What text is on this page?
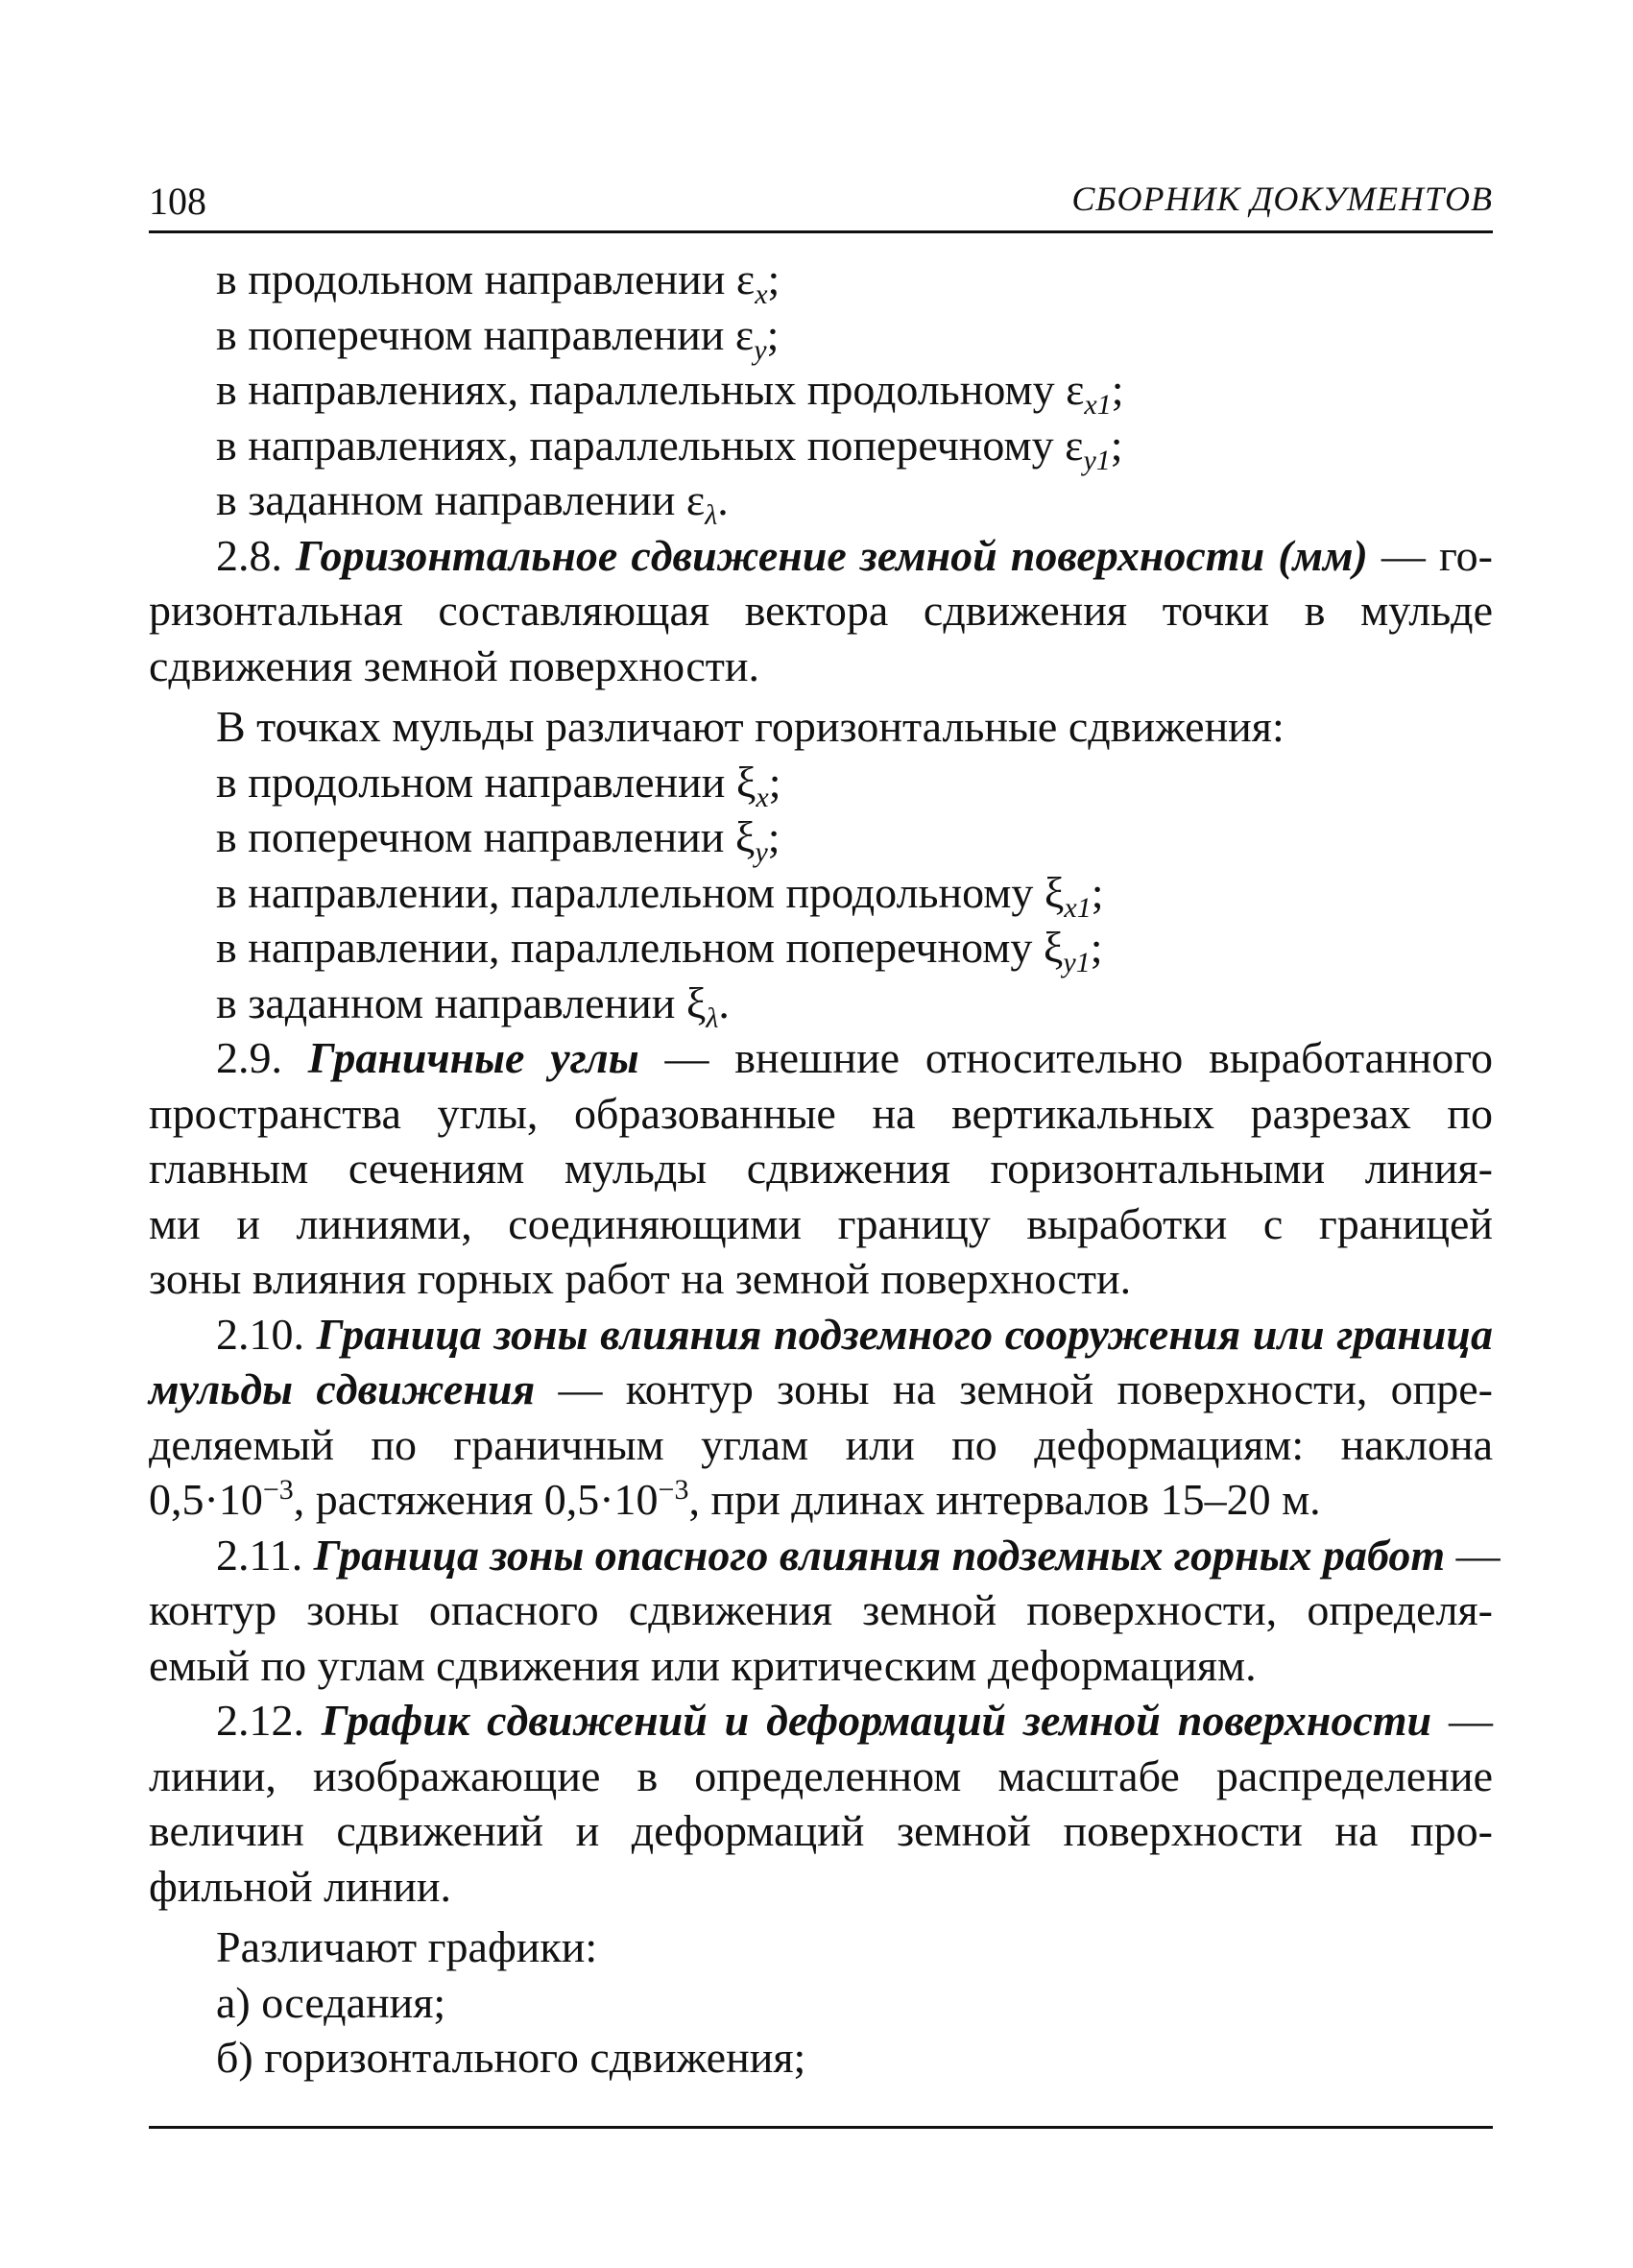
108	СБОРНИК ДОКУМЕНТОВ
в продольном направлении $\varepsilon_x$;
в поперечном направлении $\varepsilon_y$;
в направлениях, параллельных продольному $\varepsilon_{x1}$;
в направлениях, параллельных поперечному $\varepsilon_{y1}$;
в заданном направлении $\varepsilon_\lambda$.
2.8. Горизонтальное сдвижение земной поверхности (мм) — го-
ризонтальная составляющая вектора сдвижения точки в мульде
сдвижения земной поверхности.
В точках мульды различают горизонтальные сдвижения:
в продольном направлении $\xi_x$;
в поперечном направлении $\xi_y$;
в направлении, параллельном продольному $\xi_{x1}$;
в направлении, параллельном поперечному $\xi_{y1}$;
в заданном направлении $\xi_\lambda$.
2.9. Граничные углы — внешние относительно выработанного
пространства углы, образованные на вертикальных разрезах по
главным сечениям мульды сдвижения горизонтальными линия-
ми и линиями, соединяющими границу выработки с границей
зоны влияния горных работ на земной поверхности.
2.10. Граница зоны влияния подземного сооружения или граница
мульды сдвижения — контур зоны на земной поверхности, опре-
деляемый по граничным углам или по деформациям: наклона
$0,5\cdot 10^{-3}$, растяжения $0,5\cdot 10^{-3}$, при длинах интервалов 15–20 м.
2.11. Граница зоны опасного влияния подземных горных работ —
контур зоны опасного сдвижения земной поверхности, определя-
емый по углам сдвижения или критическим деформациям.
2.12. График сдвижений и деформаций земной поверхности —
линии, изображающие в определенном масштабе распределение
величин сдвижений и деформаций земной поверхности на про-
фильной линии.
Различают графики:
а) оседания;
б) горизонтального сдвижения;
